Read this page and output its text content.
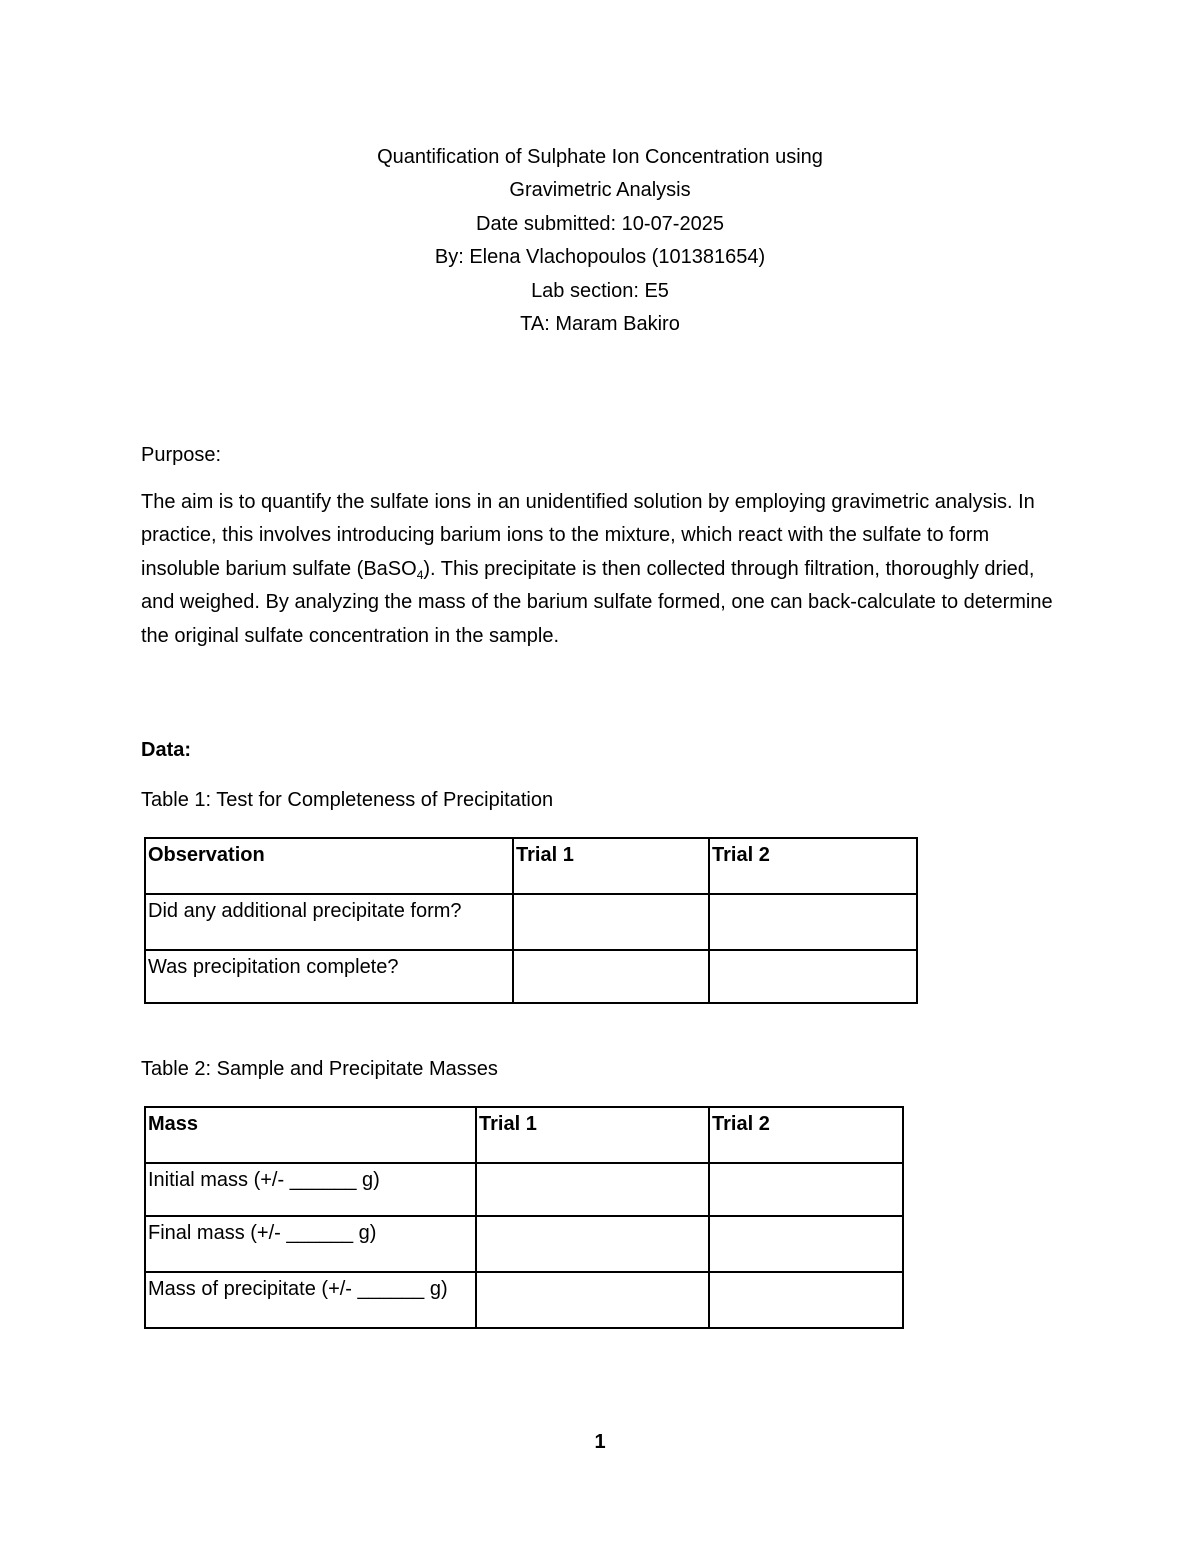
Quantification of Sulphate Ion Concentration using
Gravimetric Analysis
Date submitted: 10-07-2025
By: Elena Vlachopoulos (101381654)
Lab section: E5
TA: Maram Bakiro
Purpose:
The aim is to quantify the sulfate ions in an unidentified solution by employing gravimetric analysis. In practice, this involves introducing barium ions to the mixture, which react with the sulfate to form insoluble barium sulfate (BaSO$_4$). This precipitate is then collected through filtration, thoroughly dried, and weighed. By analyzing the mass of the barium sulfate formed, one can back-calculate to determine the original sulfate concentration in the sample.
Data:
Table 1: Test for Completeness of Precipitation
Observation	Trial 1	Trial 2
Did any additional precipitate form?		
Was precipitation complete?		
Table 2: Sample and Precipitate Masses
Mass	Trial 1	Trial 2
Initial mass (+/- ______ g)		
Final mass (+/- ______ g)		
Mass of precipitate (+/- ______ g)		
1
